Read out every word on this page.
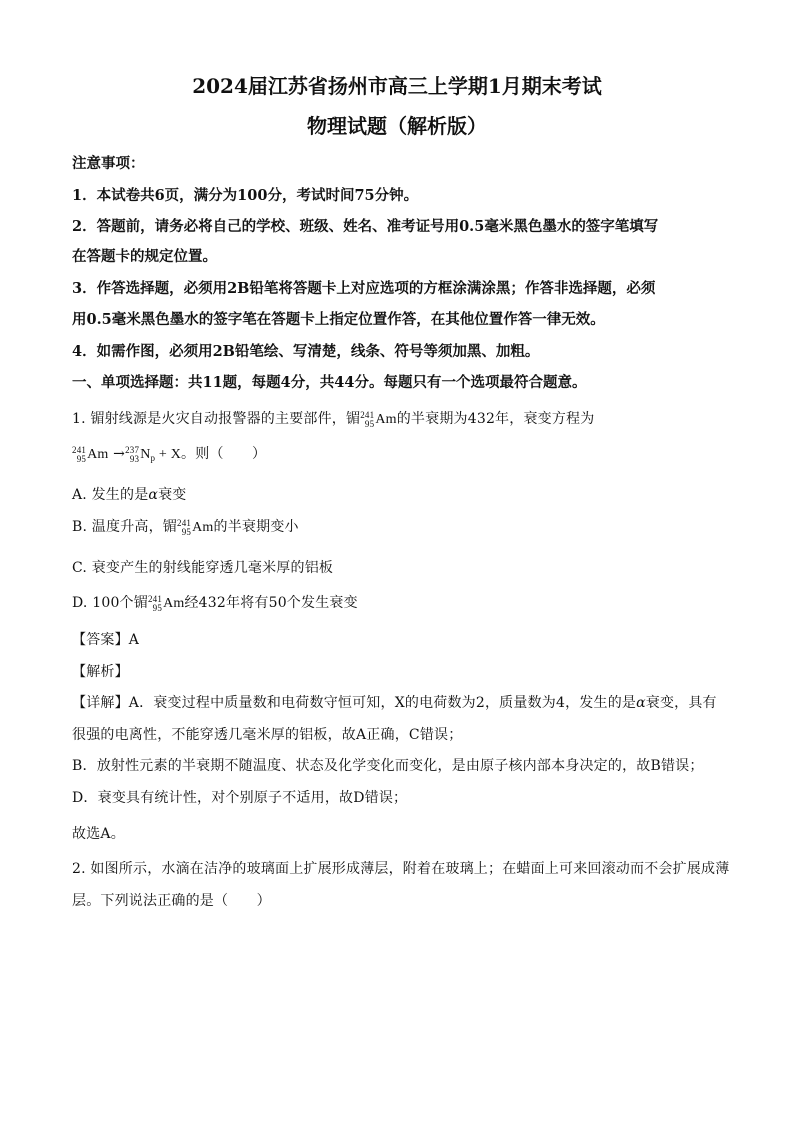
2024届江苏省扬州市高三上学期1月期末考试
物理试题（解析版）
注意事项：
1．本试卷共6页，满分为100分，考试时间75分钟。
2．答题前，请务必将自己的学校、班级、姓名、准考证号用0.5毫米黑色墨水的签字笔填写
在答题卡的规定位置。
3．作答选择题，必须用2B铅笔将答题卡上对应选项的方框涂满涂黑；作答非选择题，必须
用0.5毫米黑色墨水的签字笔在答题卡上指定位置作答，在其他位置作答一律无效。
4．如需作图，必须用2B铅笔绘、写清楚，线条、符号等须加黑、加粗。
一、单项选择题：共11题，每题4分，共44分。每题只有一个选项最符合题意。
1. 镅射线源是火灾自动报警器的主要部件，镅 241
95 Am的半衰期为432年，衰变方程为
241
95 Am → 237
93 $N_p + X$。则（　　）
A. 发生的是α衰变
B. 温度升高，镅 241
95 Am的半衰期变小
C. 衰变产生的射线能穿透几毫米厚的铝板
D. 100个镅 241
95 Am经432年将有50个发生衰变
【答案】A
【解析】
【详解】A．衰变过程中质量数和电荷数守恒可知，X的电荷数为2，质量数为4，发生的是α衰变，具有
很强的电离性，不能穿透几毫米厚的铝板，故A正确，C错误；
B．放射性元素的半衰期不随温度、状态及化学变化而变化，是由原子核内部本身决定的，故B错误；
D．衰变具有统计性，对个别原子不适用，故D错误；
故选A。
2. 如图所示，水滴在洁净的玻璃面上扩展形成薄层，附着在玻璃上；在蜡面上可来回滚动而不会扩展成薄
层。下列说法正确的是（　　）
